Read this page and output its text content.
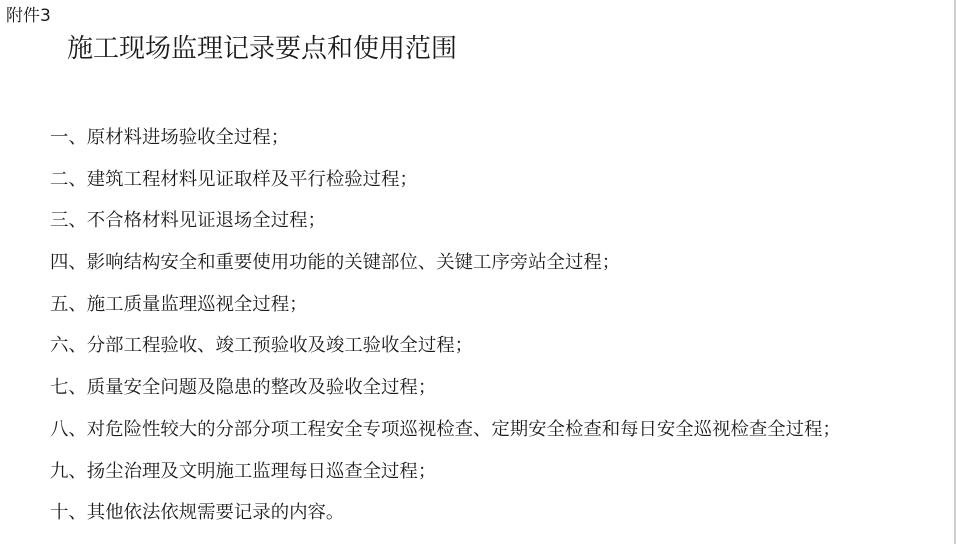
附件3
施工现场监理记录要点和使用范围
一、原材料进场验收全过程；
二、建筑工程材料见证取样及平行检验过程；
三、不合格材料见证退场全过程；
四、影响结构安全和重要使用功能的关键部位、关键工序旁站全过程；
五、施工质量监理巡视全过程；
六、分部工程验收、竣工预验收及竣工验收全过程；
七、质量安全问题及隐患的整改及验收全过程；
八、对危险性较大的分部分项工程安全专项巡视检查、定期安全检查和每日安全巡视检查全过程；
九、扬尘治理及文明施工监理每日巡查全过程；
十、其他依法依规需要记录的内容。
